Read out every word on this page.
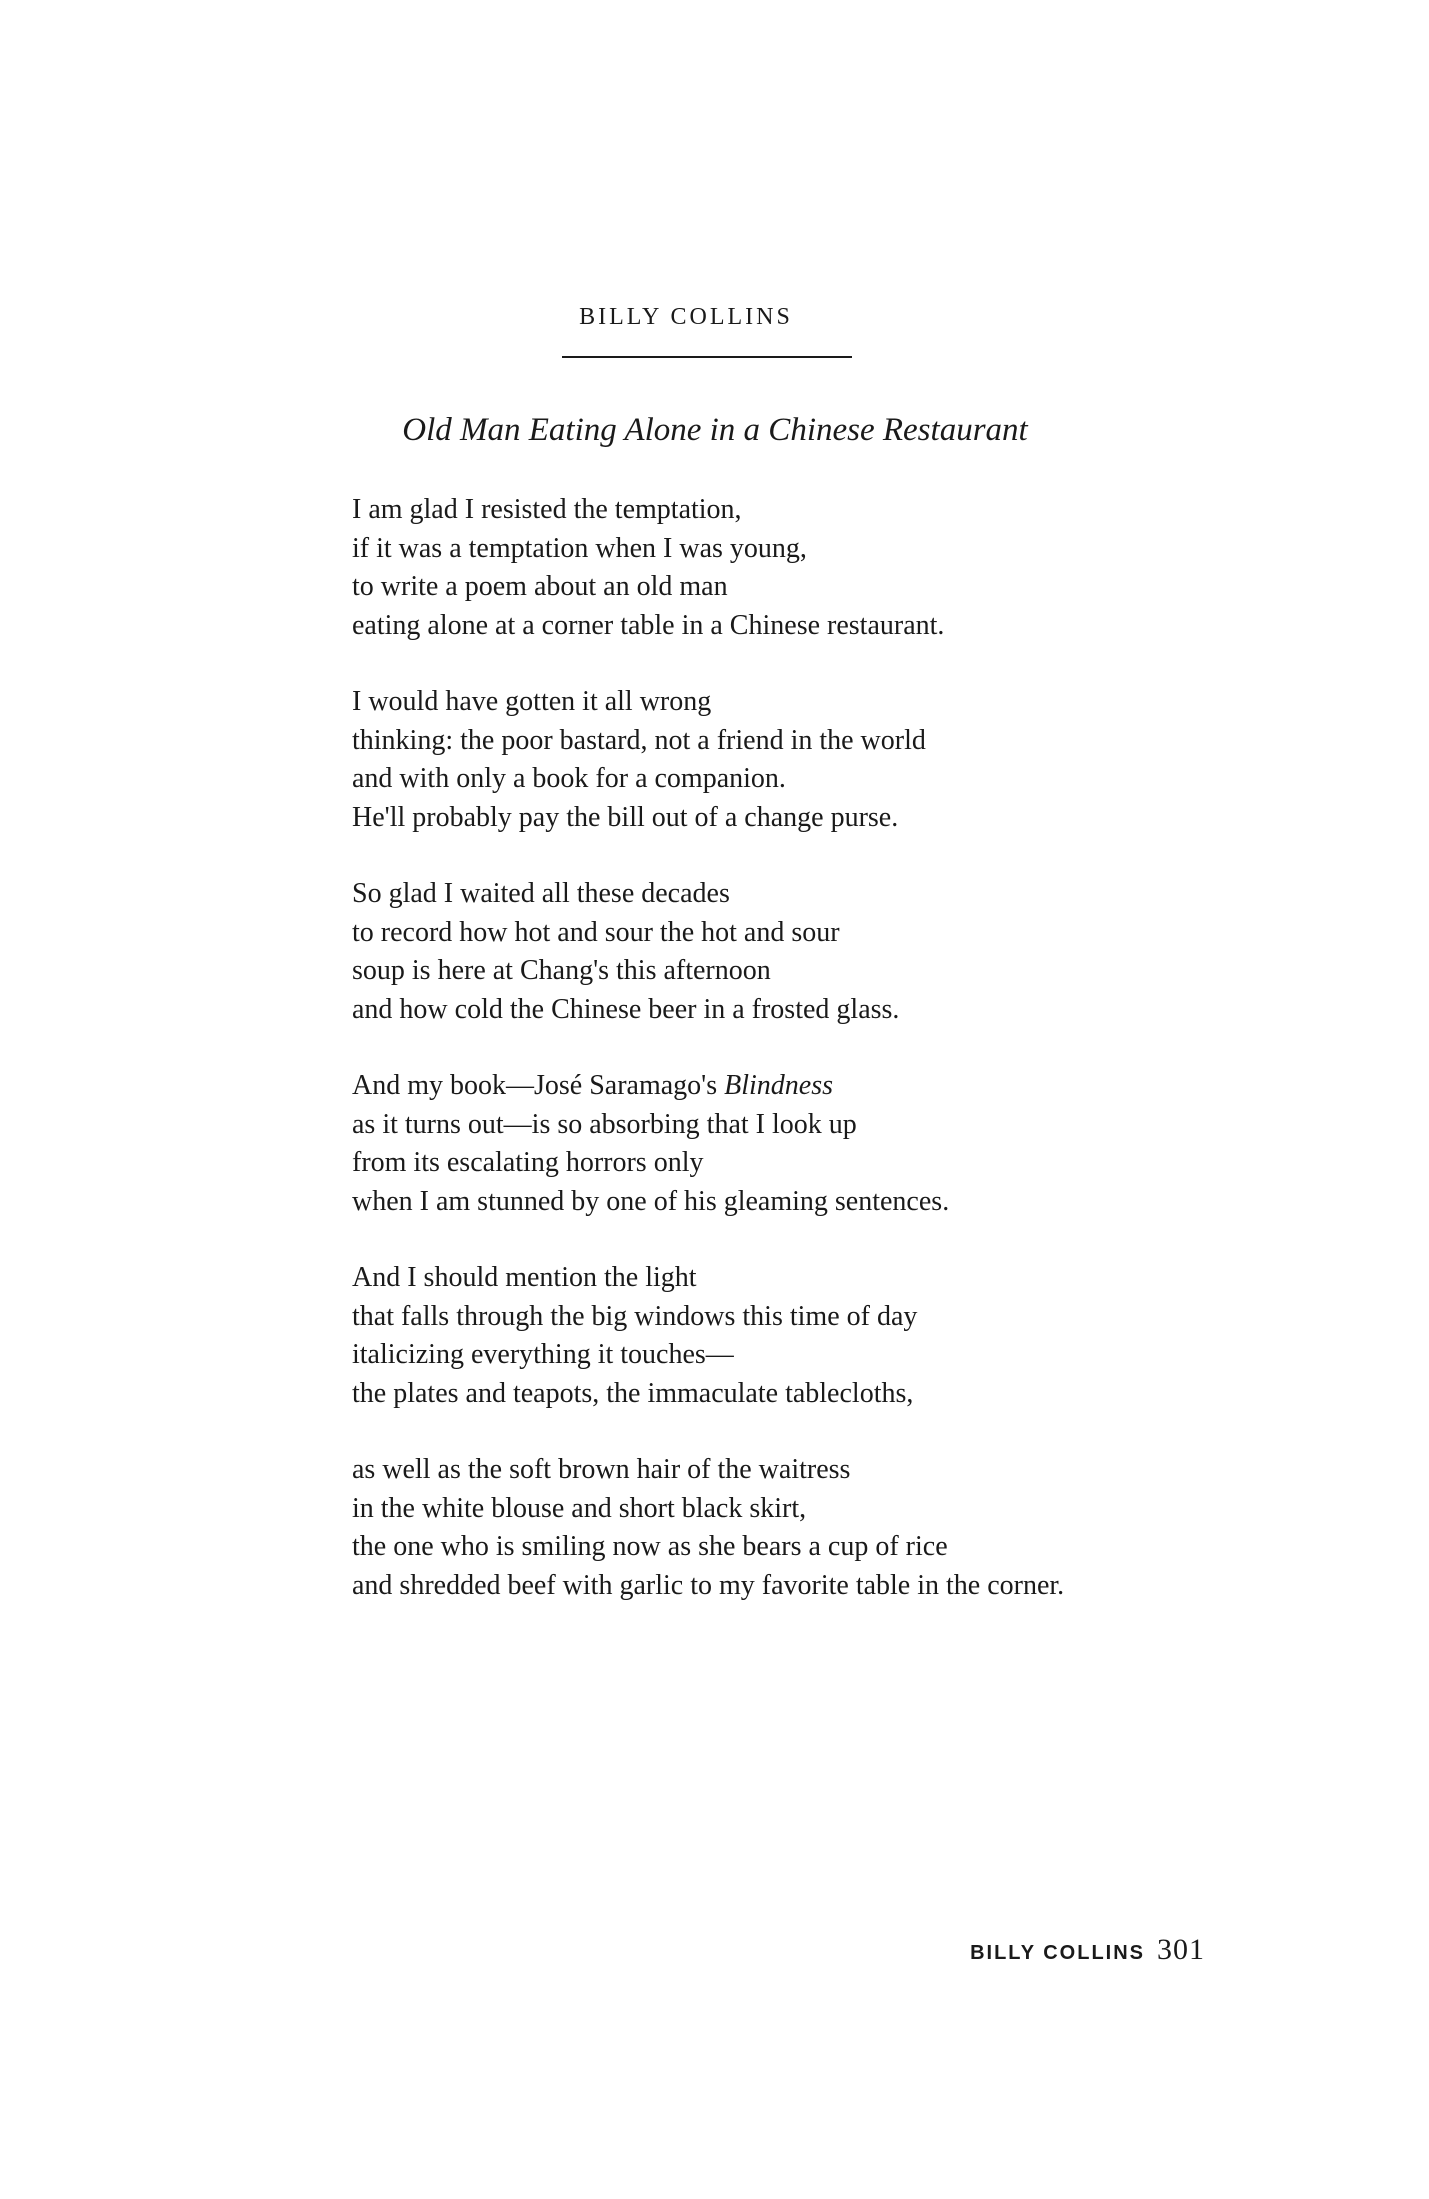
BILLY COLLINS
Old Man Eating Alone in a Chinese Restaurant

I am glad I resisted the temptation,
if it was a temptation when I was young,
to write a poem about an old man
eating alone at a corner table in a Chinese restaurant.

I would have gotten it all wrong
thinking: the poor bastard, not a friend in the world
and with only a book for a companion.
He'll probably pay the bill out of a change purse.

So glad I waited all these decades
to record how hot and sour the hot and sour
soup is here at Chang's this afternoon
and how cold the Chinese beer in a frosted glass.

And my book—José Saramago's Blindness
as it turns out—is so absorbing that I look up
from its escalating horrors only
when I am stunned by one of his gleaming sentences.

And I should mention the light
that falls through the big windows this time of day
italicizing everything it touches—
the plates and teapots, the immaculate tablecloths,

as well as the soft brown hair of the waitress
in the white blouse and short black skirt,
the one who is smiling now as she bears a cup of rice
and shredded beef with garlic to my favorite table in the corner.

BILLY COLLINS 301
